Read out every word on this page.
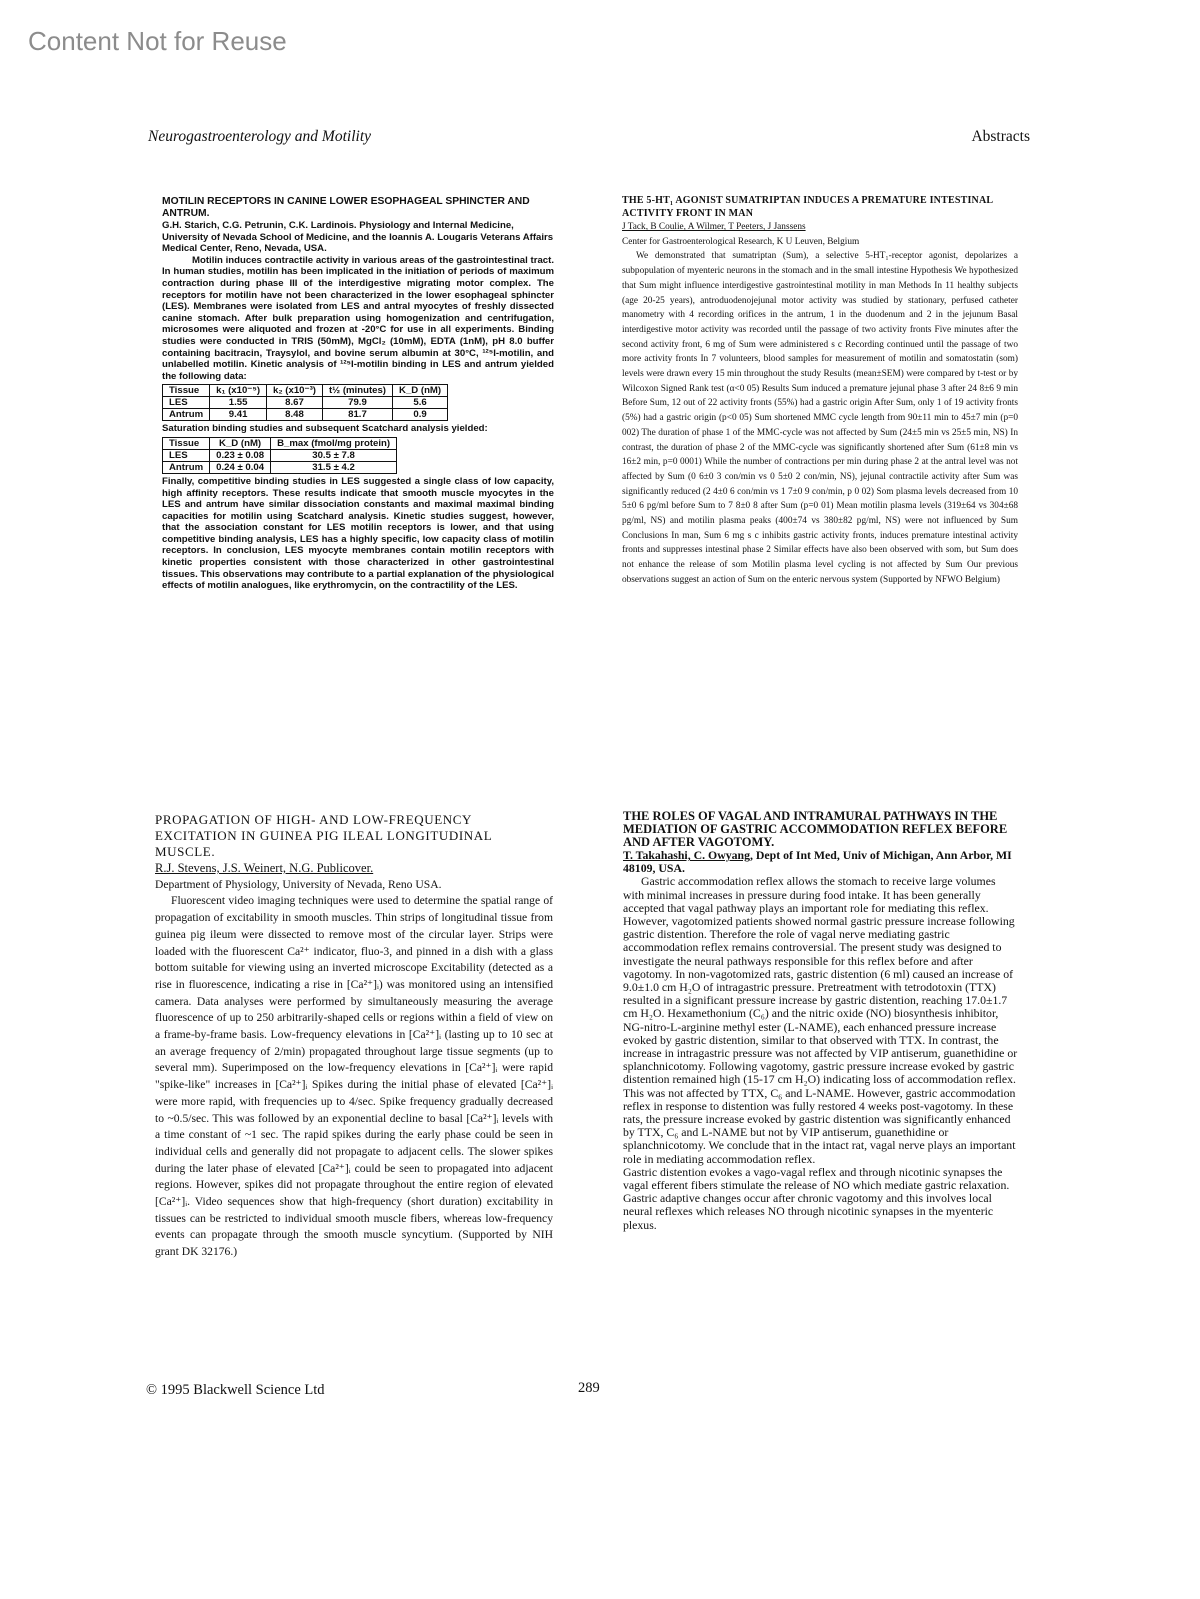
Content Not for Reuse
Neurogastroenterology and Motility	Abstracts
MOTILIN RECEPTORS IN CANINE LOWER ESOPHAGEAL SPHINCTER AND ANTRUM.
G.H. Starich, C.G. Petrunin, C.K. Lardinois. Physiology and Internal Medicine, University of Nevada School of Medicine, and the Ioannis A. Lougaris Veterans Affairs Medical Center, Reno, Nevada, USA.
Motilin induces contractile activity in various areas of the gastrointestinal tract. In human studies, motilin has been implicated in the initiation of periods of maximum contraction during phase III of the interdigestive migrating motor complex. The receptors for motilin have not been characterized in the lower esophageal sphincter (LES). Membranes were isolated from LES and antral myocytes of freshly dissected canine stomach. After bulk preparation using homogenization and centrifugation, microsomes were aliquoted and frozen at -20°C for use in all experiments. Binding studies were conducted in TRIS (50mM), MgCl₂ (10mM), EDTA (1nM), pH 8.0 buffer containing bacitracin, Traysylol, and bovine serum albumin at 30°C, ¹²⁵I-motilin, and unlabelled motilin. Kinetic analysis of ¹²⁵I-motilin binding in LES and antrum yielded the following data:
Tissue	k₁ (x10⁻⁵)	k₂ (x10⁻³)	t½ (minutes)	K_D (nM)
LES	1.55	8.67	79.9	5.6
Antrum	9.41	8.48	81.7	0.9
Saturation binding studies and subsequent Scatchard analysis yielded:
Tissue	K_D (nM)	B_max (fmol/mg protein)
LES	0.23 ± 0.08	30.5 ± 7.8
Antrum	0.24 ± 0.04	31.5 ± 4.2
Finally, competitive binding studies in LES suggested a single class of low capacity, high affinity receptors. These results indicate that smooth muscle myocytes in the LES and antrum have similar dissociation constants and maximal maximal binding capacities for motilin using Scatchard analysis. Kinetic studies suggest, however, that the association constant for LES motilin receptors is lower, and that using competitive binding analysis, LES has a highly specific, low capacity class of motilin receptors. In conclusion, LES myocyte membranes contain motilin receptors with kinetic properties consistent with those characterized in other gastrointestinal tissues. This observations may contribute to a partial explanation of the physiological effects of motilin analogues, like erythromycin, on the contractility of the LES.
THE 5-HT₁ AGONIST SUMATRIPTAN INDUCES A PREMATURE INTESTINAL ACTIVITY FRONT IN MAN
J Tack, B Coulie, A Wilmer, T Peeters, J Janssens
Center for Gastroenterological Research, K U Leuven, Belgium
We demonstrated that sumatriptan (Sum), a selective 5-HT₁-receptor agonist, depolarizes a subpopulation of myenteric neurons in the stomach and in the small intestine Hypothesis We hypothesized that Sum might influence interdigestive gastrointestinal motility in man Methods In 11 healthy subjects (age 20-25 years), antroduodenojejunal motor activity was studied by stationary, perfused catheter manometry with 4 recording orifices in the antrum, 1 in the duodenum and 2 in the jejunum Basal interdigestive motor activity was recorded until the passage of two activity fronts Five minutes after the second activity front, 6 mg of Sum were administered s c Recording continued until the passage of two more activity fronts In 7 volunteers, blood samples for measurement of motilin and somatostatin (som) levels were drawn every 15 min throughout the study Results (mean±SEM) were compared by t-test or by Wilcoxon Signed Rank test (α<0 05) Results Sum induced a premature jejunal phase 3 after 24 8±6 9 min Before Sum, 12 out of 22 activity fronts (55%) had a gastric origin After Sum, only 1 of 19 activity fronts (5%) had a gastric origin (p<0 05) Sum shortened MMC cycle length from 90±11 min to 45±7 min (p=0 002) The duration of phase 1 of the MMC-cycle was not affected by Sum (24±5 min vs 25±5 min, NS) In contrast, the duration of phase 2 of the MMC-cycle was significantly shortened after Sum (61±8 min vs 16±2 min, p=0 0001) While the number of contractions per min during phase 2 at the antral level was not affected by Sum (0 6±0 3 con/min vs 0 5±0 2 con/min, NS), jejunal contractile activity after Sum was significantly reduced (2 4±0 6 con/min vs 1 7±0 9 con/min, p 0 02) Som plasma levels decreased from 10 5±0 6 pg/ml before Sum to 7 8±0 8 after Sum (p=0 01) Mean motilin plasma levels (319±64 vs 304±68 pg/ml, NS) and motilin plasma peaks (400±74 vs 380±82 pg/ml, NS) were not influenced by Sum Conclusions In man, Sum 6 mg s c inhibits gastric activity fronts, induces premature intestinal activity fronts and suppresses intestinal phase 2 Similar effects have also been observed with som, but Sum does not enhance the release of som Motilin plasma level cycling is not affected by Sum Our previous observations suggest an action of Sum on the enteric nervous system (Supported by NFWO Belgium)
PROPAGATION OF HIGH- AND LOW-FREQUENCY EXCITATION IN GUINEA PIG ILEAL LONGITUDINAL MUSCLE.
R.J. Stevens, J.S. Weinert, N.G. Publicover.
Department of Physiology, University of Nevada, Reno USA.
Fluorescent video imaging techniques were used to determine the spatial range of propagation of excitability in smooth muscles. Thin strips of longitudinal tissue from guinea pig ileum were dissected to remove most of the circular layer. Strips were loaded with the fluorescent Ca²⁺ indicator, fluo-3, and pinned in a dish with a glass bottom suitable for viewing using an inverted microscope Excitability (detected as a rise in fluorescence, indicating a rise in [Ca²⁺]ᵢ) was monitored using an intensified camera. Data analyses were performed by simultaneously measuring the average fluorescence of up to 250 arbitrarily-shaped cells or regions within a field of view on a frame-by-frame basis. Low-frequency elevations in [Ca²⁺]ᵢ (lasting up to 10 sec at an average frequency of 2/min) propagated throughout large tissue segments (up to several mm). Superimposed on the low-frequency elevations in [Ca²⁺]ᵢ were rapid "spike-like" increases in [Ca²⁺]ᵢ Spikes during the initial phase of elevated [Ca²⁺]ᵢ were more rapid, with frequencies up to 4/sec. Spike frequency gradually decreased to ~0.5/sec. This was followed by an exponential decline to basal [Ca²⁺]ᵢ levels with a time constant of ~1 sec. The rapid spikes during the early phase could be seen in individual cells and generally did not propagate to adjacent cells. The slower spikes during the later phase of elevated [Ca²⁺]ᵢ could be seen to propagated into adjacent regions. However, spikes did not propagate throughout the entire region of elevated [Ca²⁺]ᵢ. Video sequences show that high-frequency (short duration) excitability in tissues can be restricted to individual smooth muscle fibers, whereas low-frequency events can propagate through the smooth muscle syncytium. (Supported by NIH grant DK 32176.)
THE ROLES OF VAGAL AND INTRAMURAL PATHWAYS IN THE MEDIATION OF GASTRIC ACCOMMODATION REFLEX BEFORE AND AFTER VAGOTOMY.
T. Takahashi, C. Owyang, Dept of Int Med, Univ of Michigan, Ann Arbor, MI 48109, USA.

Gastric accommodation reflex allows the stomach to receive large volumes with minimal increases in pressure during food intake. It has been generally accepted that vagal pathway plays an important role for mediating this reflex. However, vagotomized patients showed normal gastric pressure increase following gastric distention. Therefore the role of vagal nerve mediating gastric accommodation reflex remains controversial. The present study was designed to investigate the neural pathways responsible for this reflex before and after vagotomy. In non-vagotomized rats, gastric distention (6 ml) caused an increase of 9.0±1.0 cm H₂O of intragastric pressure. Pretreatment with tetrodotoxin (TTX) resulted in a significant pressure increase by gastric distention, reaching 17.0±1.7 cm H₂O. Hexamethonium (C₆) and the nitric oxide (NO) biosynthesis inhibitor, NG-nitro-L-arginine methyl ester (L-NAME), each enhanced pressure increase evoked by gastric distention, similar to that observed with TTX. In contrast, the increase in intragastric pressure was not affected by VIP antiserum, guanethidine or splanchnicotomy. Following vagotomy, gastric pressure increase evoked by gastric distention remained high (15-17 cm H₂O) indicating loss of accommodation reflex. This was not affected by TTX, C₆ and L-NAME. However, gastric accommodation reflex in response to distention was fully restored 4 weeks post-vagotomy. In these rats, the pressure increase evoked by gastric distention was significantly enhanced by TTX, C₆ and L-NAME but not by VIP antiserum, guanethidine or splanchnicotomy. We conclude that in the intact rat, vagal nerve plays an important role in mediating accommodation reflex.

Gastric distention evokes a vago-vagal reflex and through nicotinic synapses the vagal efferent fibers stimulate the release of NO which mediate gastric relaxation. Gastric adaptive changes occur after chronic vagotomy and this involves local neural reflexes which releases NO through nicotinic synapses in the myenteric plexus.

© 1995 Blackwell Science Ltd	289
